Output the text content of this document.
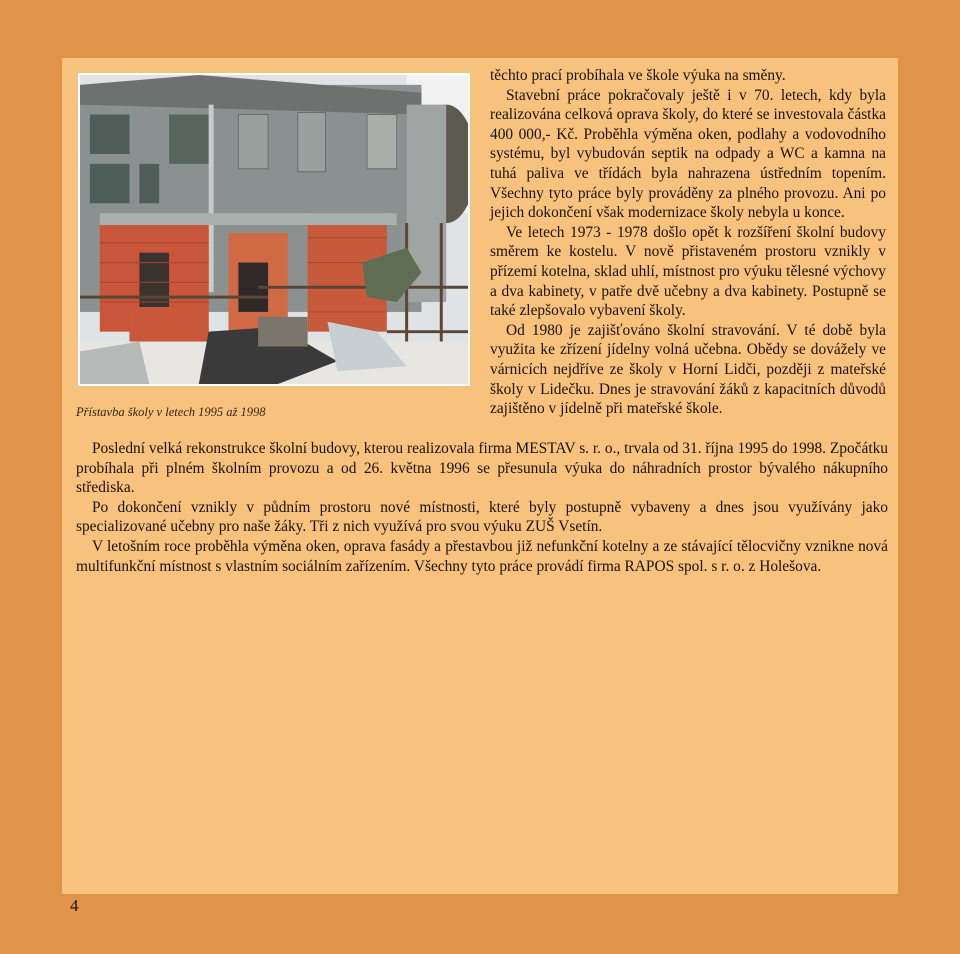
Přístavba školy v letech 1995 až 1998

těchto prací probíhala ve škole výuka na směny.

Stavební práce pokračovaly ještě i v 70. letech, kdy byla realizována celková oprava školy, do které se investovala částka 400 000,- Kč. Proběhla výměna oken, podlahy a vodovodního systému, byl vybudován septik na odpady a WC a kamna na tuhá paliva ve třídách byla nahrazena ústředním topením. Všechny tyto práce byly prováděny za plného provozu. Ani po jejich dokončení však modernizace školy nebyla u konce.

Ve letech 1973 - 1978 došlo opět k rozšíření školní budovy směrem ke kostelu. V nově přistaveném prostoru vznikly v přízemí kotelna, sklad uhlí, místnost pro výuku tělesné výchovy a dva kabinety, v patře dvě učebny a dva kabinety. Postupně se také zlepšovalo vybavení školy.

Od 1980 je zajišťováno školní stravování. V té době byla využita ke zřízení jídelny volná učebna. Obědy se dovážely ve várnicích nejdříve ze školy v Horní Lidči, později z mateřské školy v Lidečku. Dnes je stravování žáků z kapacitních důvodů zajištěno v jídelně při mateřské škole.

Poslední velká rekonstrukce školní budovy, kterou realizovala firma MESTAV s. r. o., trvala od 31. října 1995 do 1998. Zpočátku probíhala při plném školním provozu a od 26. května 1996 se přesunula výuka do náhradních prostor bývalého nákupního střediska.

Po dokončení vznikly v půdním prostoru nové místnosti, které byly postupně vybaveny a dnes jsou využívány jako specializované učebny pro naše žáky. Tři z nich využívá pro svou výuku ZUŠ Vsetín.

V letošním roce proběhla výměna oken, oprava fasády a přestavbou již nefunkční kotelny a ze stávající tělocvičny vznikne nová multifunkční místnost s vlastním sociálním zařízením. Všechny tyto práce provádí firma RAPOS spol. s r. o. z Holešova.

4
